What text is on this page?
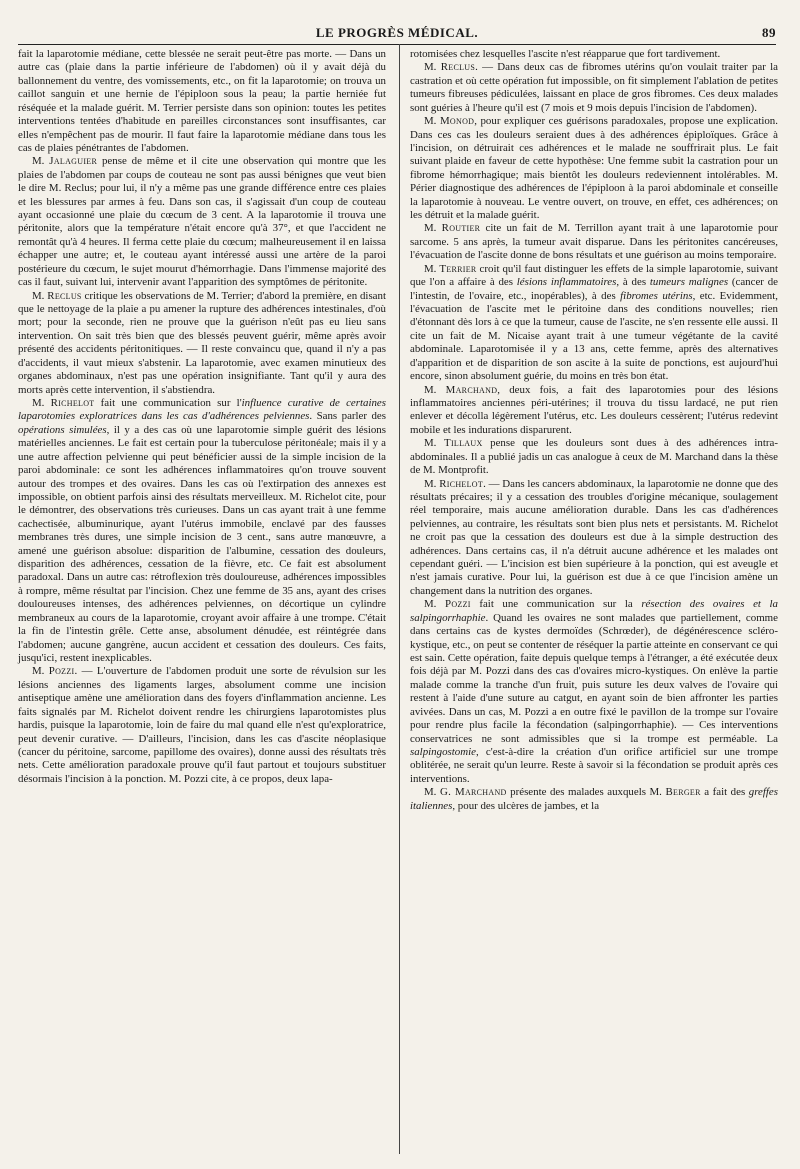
LE PROGRÈS MÉDICAL.	89

fait la laparotomie médiane, cette blessée ne serait peut-être pas morte. — Dans un autre cas (plaie dans la partie inférieure de l'abdomen) où il y avait déjà du ballonnement du ventre, des vomissements, etc., on fit la laparotomie; on trouva un caillot sanguin et une hernie de l'épiploon sous la peau; la partie herniée fut réséquée et la malade guérit. M. Terrier persiste dans son opinion: toutes les petites interventions tentées d'habitude en pareilles circonstances sont insuffisantes, car elles n'empêchent pas de mourir. Il faut faire la laparotomie médiane dans tous les cas de plaies pénétrantes de l'abdomen.

M. Jalaguier pense de même et il cite une observation qui montre que les plaies de l'abdomen par coups de couteau ne sont pas aussi bénignes que veut bien le dire M. Reclus; pour lui, il n'y a même pas une grande différence entre ces plaies et les blessures par armes à feu. Dans son cas, il s'agissait d'un coup de couteau ayant occasionné une plaie du cœcum de 3 cent. A la laparotomie il trouva une péritonite, alors que la température n'était encore qu'à 37°, et que l'accident ne remontât qu'à 4 heures. Il ferma cette plaie du cœcum; malheureusement il en laissa échapper une autre; et, le couteau ayant intéressé aussi une artère de la paroi postérieure du cœcum, le sujet mourut d'hémorrhagie. Dans l'immense majorité des cas il faut, suivant lui, intervenir avant l'apparition des symptômes de péritonite.

M. Reclus critique les observations de M. Terrier; d'abord la première, en disant que le nettoyage de la plaie a pu amener la rupture des adhérences intestinales, d'où mort; pour la seconde, rien ne prouve que la guérison n'eût pas eu lieu sans intervention. On sait très bien que des blessés peuvent guérir, même après avoir présenté des accidents péritonitiques. — Il reste convaincu que, quand il n'y a pas d'accidents, il vaut mieux s'abstenir. La laparotomie, avec examen minutieux des organes abdominaux, n'est pas une opération insignifiante. Tant qu'il y aura des morts après cette intervention, il s'abstiendra.

M. Richelot fait une communication sur l'influence curative de certaines laparotomies exploratrices dans les cas d'adhérences pelviennes. Sans parler des opérations simulées, il y a des cas où une laparotomie simple guérit des lésions matérielles anciennes. Le fait est certain pour la tuberculose péritonéale; mais il y a une autre affection pelvienne qui peut bénéficier aussi de la simple incision de la paroi abdominale: ce sont les adhérences inflammatoires qu'on trouve souvent autour des trompes et des ovaires. Dans les cas où l'extirpation des annexes est impossible, on obtient parfois ainsi des résultats merveilleux. M. Richelot cite, pour le démontrer, des observations très curieuses. Dans un cas ayant trait à une femme cachectisée, albuminurique, ayant l'utérus immobile, enclavé par des fausses membranes très dures, une simple incision de 3 cent., sans autre manœuvre, a amené une guérison absolue: disparition de l'albumine, cessation des douleurs, disparition des adhérences, cessation de la fièvre, etc. Ce fait est absolument paradoxal. Dans un autre cas: rétroflexion très douloureuse, adhérences impossibles à rompre, même résultat par l'incision. Chez une femme de 35 ans, ayant des crises douloureuses intenses, des adhérences pelviennes, on décortique un cylindre membraneux au cours de la laparotomie, croyant avoir affaire à une trompe. C'était la fin de l'intestin grêle. Cette anse, absolument dénudée, est réintégrée dans l'abdomen; aucune gangrène, aucun accident et cessation des douleurs. Ces faits, jusqu'ici, restent inexplicables.

M. Pozzi. — L'ouverture de l'abdomen produit une sorte de révulsion sur les lésions anciennes des ligaments larges, absolument comme une incision antiseptique amène une amélioration dans des foyers d'inflammation ancienne. Les faits signalés par M. Richelot doivent rendre les chirurgiens laparotomistes plus hardis, puisque la laparotomie, loin de faire du mal quand elle n'est qu'exploratrice, peut devenir curative. — D'ailleurs, l'incision, dans les cas d'ascite néoplasique (cancer du péritoine, sarcome, papillome des ovaires), donne aussi des résultats très nets. Cette amélioration paradoxale prouve qu'il faut partout et toujours substituer désormais l'incision à la ponction. M. Pozzi cite, à ce propos, deux lapa-

rotomisées chez lesquelles l'ascite n'est réapparue que fort tardivement.

M. Reclus. — Dans deux cas de fibromes utérins qu'on voulait traiter par la castration et où cette opération fut impossible, on fit simplement l'ablation de petites tumeurs fibreuses pédiculées, laissant en place de gros fibromes. Ces deux malades sont guéries à l'heure qu'il est (7 mois et 9 mois depuis l'incision de l'abdomen).

M. Monod, pour expliquer ces guérisons paradoxales, propose une explication. Dans ces cas les douleurs seraient dues à des adhérences épiploïques. Grâce à l'incision, on détruirait ces adhérences et le malade ne souffrirait plus. Le fait suivant plaide en faveur de cette hypothèse: Une femme subit la castration pour un fibrome hémorrhagique; mais bientôt les douleurs redeviennent intolérables. M. Périer diagnostique des adhérences de l'épiploon à la paroi abdominale et conseille la laparotomie à nouveau. Le ventre ouvert, on trouve, en effet, ces adhérences; on les détruit et la malade guérit.

M. Routier cite un fait de M. Terrillon ayant trait à une laparotomie pour sarcome. 5 ans après, la tumeur avait disparue. Dans les péritonites cancéreuses, l'évacuation de l'ascite donne de bons résultats et une guérison au moins temporaire.

M. Terrier croit qu'il faut distinguer les effets de la simple laparotomie, suivant que l'on a affaire à des lésions inflammatoires, à des tumeurs malignes (cancer de l'intestin, de l'ovaire, etc., inopérables), à des fibromes utérins, etc. Evidemment, l'évacuation de l'ascite met le péritoine dans des conditions nouvelles; rien d'étonnant dès lors à ce que la tumeur, cause de l'ascite, ne s'en ressente elle aussi. Il cite un fait de M. Nicaise ayant trait à une tumeur végétante de la cavité abdominale. Laparotomisée il y a 13 ans, cette femme, après des alternatives d'apparition et de disparition de son ascite à la suite de ponctions, est aujourd'hui encore, sinon absolument guérie, du moins en très bon état.

M. Marchand, deux fois, a fait des laparotomies pour des lésions inflammatoires anciennes péri-utérines; il trouva du tissu lardacé, ne put rien enlever et décolla légèrement l'utérus, etc. Les douleurs cessèrent; l'utérus redevint mobile et les indurations disparurent.

M. Tillaux pense que les douleurs sont dues à des adhérences intra-abdominales. Il a publié jadis un cas analogue à ceux de M. Marchand dans la thèse de M. Montprofit.

M. Richelot. — Dans les cancers abdominaux, la laparotomie ne donne que des résultats précaires; il y a cessation des troubles d'origine mécanique, soulagement réel temporaire, mais aucune amélioration durable. Dans les cas d'adhérences pelviennes, au contraire, les résultats sont bien plus nets et persistants. M. Richelot ne croit pas que la cessation des douleurs est due à la simple destruction des adhérences. Dans certains cas, il n'a détruit aucune adhérence et les malades ont cependant guéri. — L'incision est bien supérieure à la ponction, qui est aveugle et n'est jamais curative. Pour lui, la guérison est due à ce que l'incision amène un changement dans la nutrition des organes.

M. Pozzi fait une communication sur la résection des ovaires et la salpingorrhaphie. Quand les ovaires ne sont malades que partiellement, comme dans certains cas de kystes dermoïdes (Schrœder), de dégénérescence scléro-kystique, etc., on peut se contenter de réséquer la partie atteinte en conservant ce qui est sain. Cette opération, faite depuis quelque temps à l'étranger, a été exécutée deux fois déjà par M. Pozzi dans des cas d'ovaires micro-kystiques. On enlève la partie malade comme la tranche d'un fruit, puis suture les deux valves de l'ovaire qui restent à l'aide d'une suture au catgut, en ayant soin de bien affronter les parties avivées. Dans un cas, M. Pozzi a en outre fixé le pavillon de la trompe sur l'ovaire pour rendre plus facile la fécondation (salpingorrhaphie). — Ces interventions conservatrices ne sont admissibles que si la trompe est perméable. La salpingostomie, c'est-à-dire la création d'un orifice artificiel sur une trompe oblitérée, ne serait qu'un leurre. Reste à savoir si la fécondation se produit après ces interventions.

M. G. Marchand présente des malades auxquels M. Berger a fait des greffes italiennes, pour des ulcères de jambes, et la
